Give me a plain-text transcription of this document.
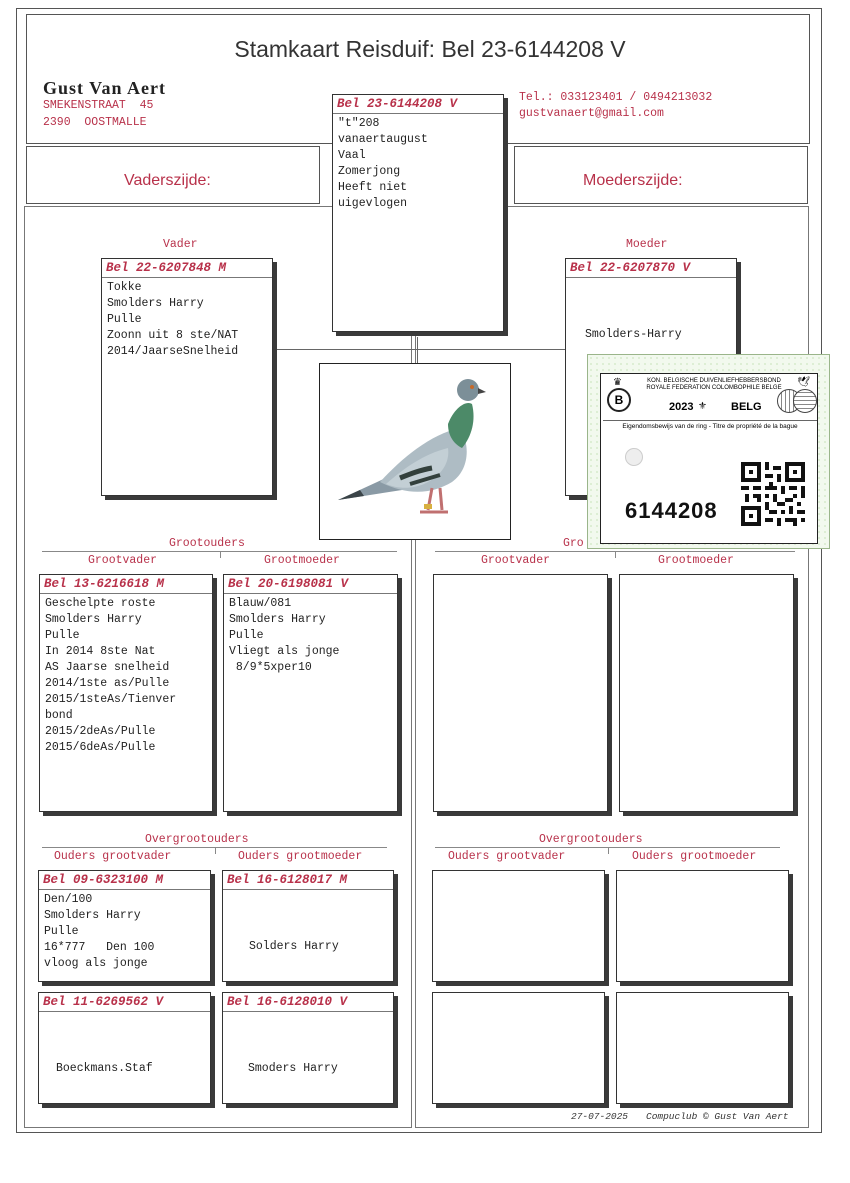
Stamkaart Reisduif: Bel 23-6144208 V
Gust Van Aert
SMEKENSTRAAT  45
2390  OOSTMALLE
Tel.: 033123401 / 0494213032
gustvanaert@gmail.com
Vaderszijde:	Moederszijde:
Bel 23-6144208 V
"t"208
vanaertaugust
Vaal
Zomerjong
Heeft niet
uigevlogen
Vader
Bel 22-6207848 M
Tokke
Smolders Harry
Pulle
Zoonn uit 8 ste/NAT
2014/JaarseSnelheid
Moeder
Bel 22-6207870 V
Smolders-Harry
Grootouders
Grootvader	Grootmoeder
Bel 13-6216618 M
Geschelpte roste
Smolders Harry
Pulle
In 2014 8ste Nat
AS Jaarse snelheid
2014/1ste as/Pulle
2015/1steAs/Tienver
bond
2015/2deAs/Pulle
2015/6deAs/Pulle
Bel 20-6198081 V
Blauw/081
Smolders Harry
Pulle
Vliegt als jonge
8/9*5xper10
Gro
Grootvader	Grootmoeder
Overgrootouders
Ouders grootvader	Ouders grootmoeder
Bel 09-6323100 M
Den/100
Smolders Harry
Pulle
16*777   Den 100
vloog als jonge
Bel 16-6128017 M
Solders Harry
Bel 11-6269562 V
Boeckmans.Staf
Bel 16-6128010 V
Smoders Harry
Overgrootouders
Ouders grootvader	Ouders grootmoeder
27-07-2025 Compuclub © Gust Van Aert
B
♛	KON. BELGISCHE DUIVENLIEFHEBBERSBOND
ROYALE FEDERATION COLOMBOPHILE BELGE	🕊
2023 ⚜ BELG
Eigendomsbewijs van de ring - Titre de propriété de la bague
6144208
